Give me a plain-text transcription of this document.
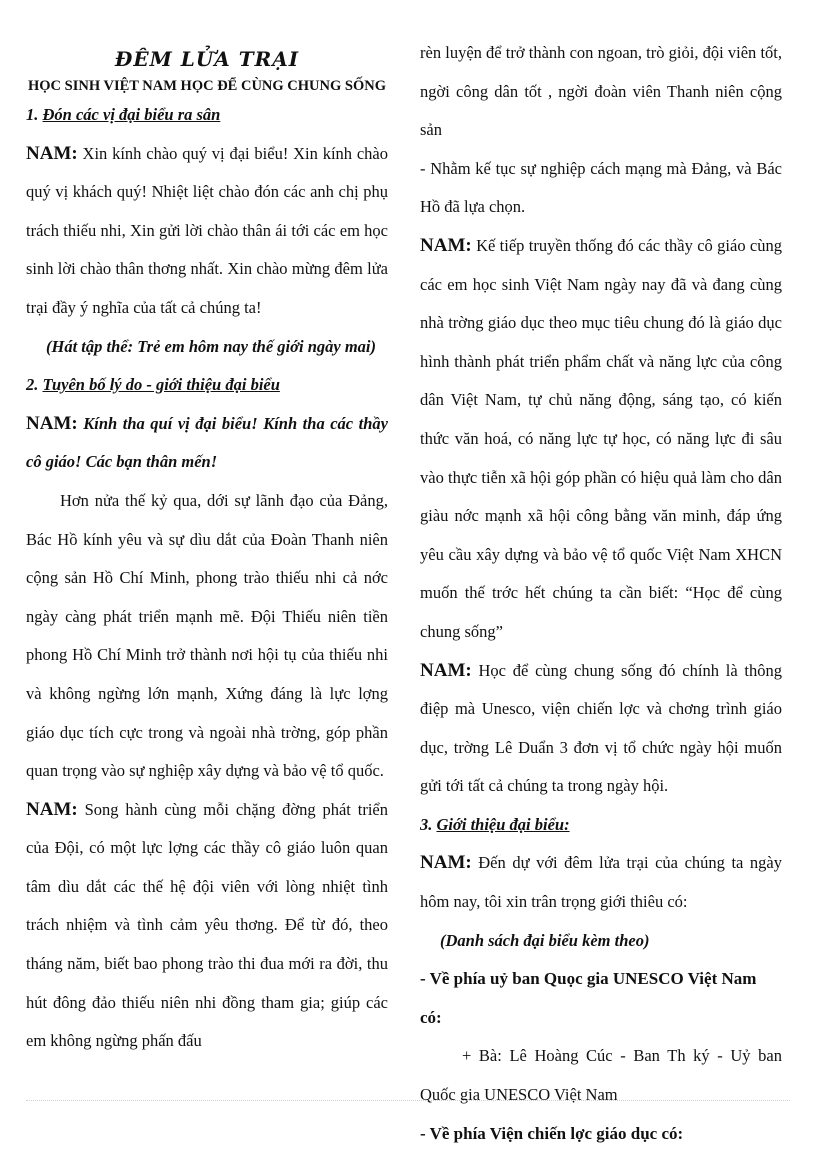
ĐÊM LỬA TRẠI
HỌC SINH VIỆT NAM HỌC ĐỂ CÙNG CHUNG SỐNG
1. Đón các vị đại biểu ra sân

NAM: Xin kính chào quý vị đại biểu! Xin kính chào quý vị khách quý! Nhiệt liệt chào đón các anh chị phụ trách thiếu nhi, Xin gửi lời chào thân ái tới các em học sinh lời chào thân thơng nhất. Xin chào mừng đêm lửa trại đầy ý nghĩa của tất cả chúng ta!

(Hát tập thể: Trẻ em hôm nay thế giới ngày mai)
2. Tuyên bố lý do - giới thiệu đại biểu

NAM: Kính tha quí vị đại biểu! Kính tha các thầy cô giáo! Các bạn thân mến!

Hơn nửa thế kỷ qua, dới sự lãnh đạo của Đảng, Bác Hồ kính yêu và sự dìu dắt của Đoàn Thanh niên cộng sản Hồ Chí Minh, phong trào thiếu nhi cả nớc ngày càng phát triển mạnh mẽ. Đội Thiếu niên tiền phong Hồ Chí Minh trở thành nơi hội tụ của thiếu nhi và không ngừng lớn mạnh, Xứng đáng là lực lợng giáo dục tích cực trong và ngoài nhà trờng, góp phần quan trọng vào sự nghiệp xây dựng và bảo vệ tổ quốc.

NAM: Song hành cùng mỗi chặng đờng phát triển của Đội, có một lực lợng các thầy cô giáo luôn quan tâm dìu dắt các thế hệ đội viên với lòng nhiệt tình trách nhiệm và tình cảm yêu thơng. Để từ đó, theo tháng năm, biết bao phong trào thi đua mới ra đời, thu hút đông đảo thiếu niên nhi đồng tham gia; giúp các em không ngừng phấn đấu

rèn luyện để trở thành con ngoan, trò giỏi, đội viên tốt, ngời công dân tốt , ngời đoàn viên Thanh niên cộng sản

- Nhằm kế tục sự nghiệp cách mạng mà Đảng, và Bác Hồ đã lựa chọn.

NAM: Kế tiếp truyền thống đó các thầy cô giáo cùng các em học sinh Việt Nam ngày nay đã và đang cùng nhà trờng giáo dục theo mục tiêu chung đó là giáo dục hình thành phát triển phẩm chất và năng lực của công dân Việt Nam, tự chủ năng động, sáng tạo, có kiến thức văn hoá, có năng lực tự học, có năng lực đi sâu vào thực tiễn xã hội góp phần có hiệu quả làm cho dân giàu nớc mạnh xã hội công bằng văn minh, đáp ứng yêu cầu xây dựng và bảo vệ tổ quốc Việt Nam XHCN muốn thế trớc hết chúng ta cần biết: “Học để cùng chung sống”

NAM: Học để cùng chung sống đó chính là thông điệp mà Unesco, viện chiến lợc và chơng trình giáo dục, trờng Lê Duẩn 3 đơn vị tổ chức ngày hội muốn gửi tới tất cả chúng ta trong ngày hội.

3. Giới thiệu đại biểu:

NAM: Đến dự với đêm lửa trại của chúng ta ngày hôm nay, tôi xin trân trọng giới thiêu có:

(Danh sách đại biểu kèm theo)
- Về phía uỷ ban Quọc gia UNESCO Việt Nam có:

+ Bà: Lê Hoàng Cúc - Ban Th ký - Uỷ ban Quốc gia UNESCO Việt Nam

- Về phía Viện chiến lợc giáo dục có:
